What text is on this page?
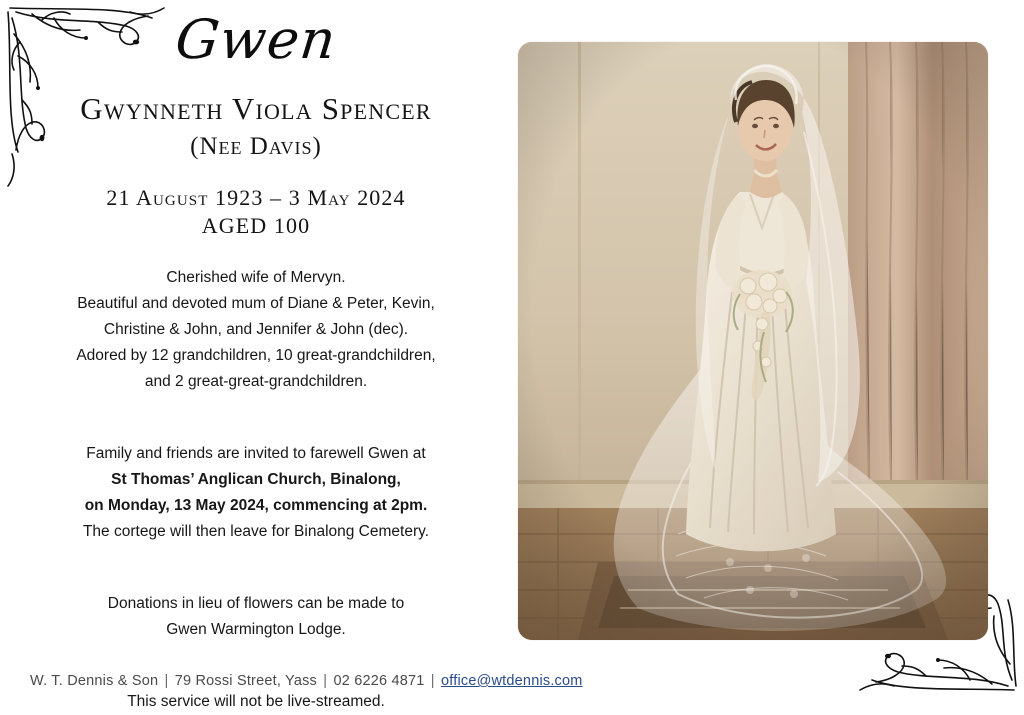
Gwen
Gwynneth Viola Spencer
(Nee Davis)
21 August 1923 – 3 May 2024
AGED 100
Cherished wife of Mervyn.
Beautiful and devoted mum of Diane & Peter, Kevin,
Christine & John, and Jennifer & John (dec).
Adored by 12 grandchildren, 10 great-grandchildren,
and 2 great-great-grandchildren.
Family and friends are invited to farewell Gwen at
St Thomas’ Anglican Church, Binalong,
on Monday, 13 May 2024, commencing at 2pm.
The cortege will then leave for Binalong Cemetery.
Donations in lieu of flowers can be made to
Gwen Warmington Lodge.
This service will not be live-streamed.
W. T. Dennis & Son | 79 Rossi Street, Yass | 02 6226 4871 | office@wtdennis.com
